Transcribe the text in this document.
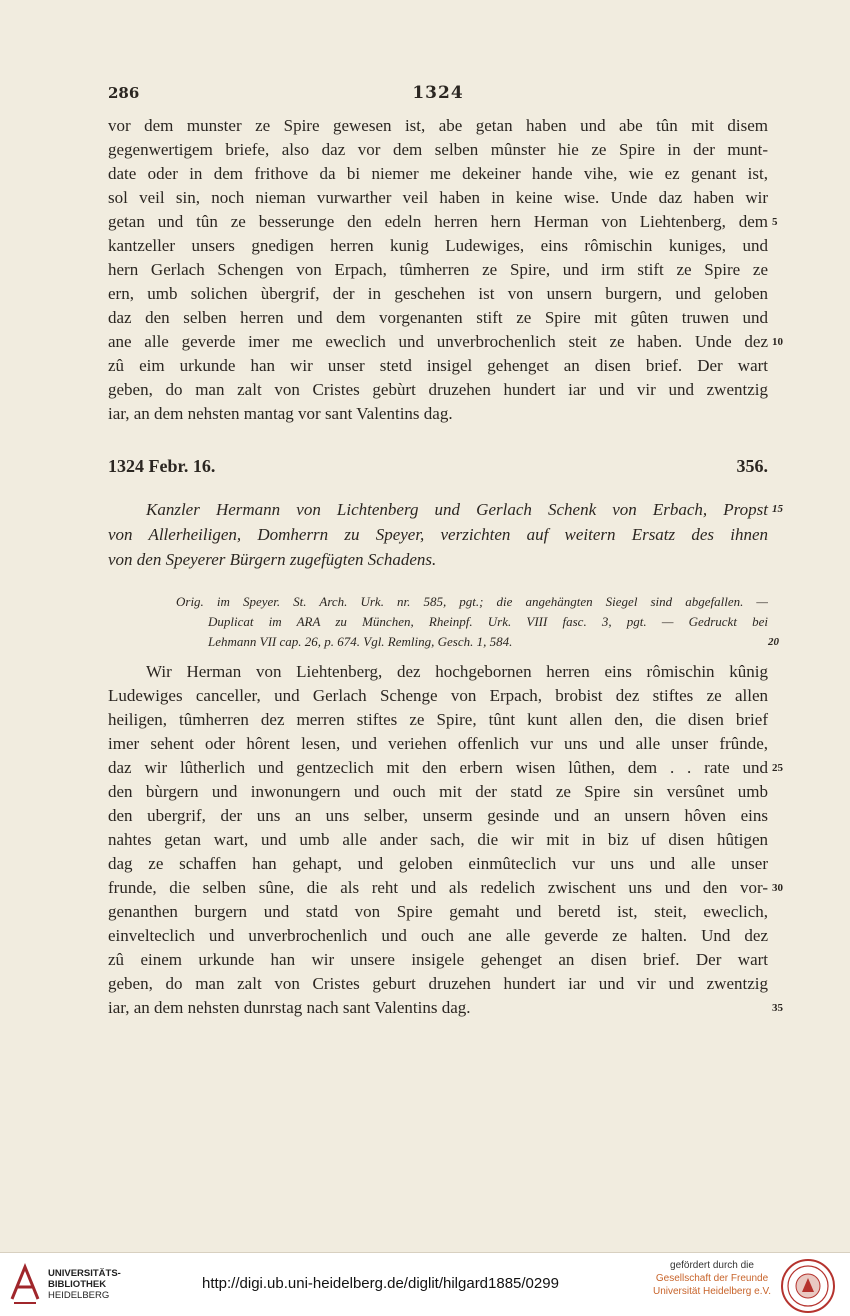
286	1324
vor dem munster ze Spire gewesen ist, abe getan haben und abe tûn mit disem
gegenwertigem briefe, also daz vor dem selben mûnster hie ze Spire in der munt-
date oder in dem frithove da bi niemer me dekeiner hande vihe, wie ez genant ist,
sol veil sin, noch nieman vurwarther veil haben in keine wise. Unde daz haben wir
getan und tûn ze besserunge den edeln herren hern Herman von Liehtenberg, dem 5
kantzeller unsers gnedigen herren kunig Ludewiges, eins rômischin kuniges, und
hern Gerlach Schengen von Erpach, tûmherren ze Spire, und irm stift ze Spire ze
ern, umb solichen ùbergrif, der in geschehen ist von unsern burgern, und geloben
daz den selben herren und dem vorgenanten stift ze Spire mit gûten truwen und
ane alle geverde imer me eweclich und unverbrochenlich steit ze haben. Unde dez 10
zû eim urkunde han wir unser stetd insigel gehenget an disen brief. Der wart
geben, do man zalt von Cristes gebùrt druzehen hundert iar und vir und zwentzig
iar, an dem nehsten mantag vor sant Valentins dag.
1324 Febr. 16.	356.
Kanzler Hermann von Lichtenberg und Gerlach Schenk von Erbach, Propst 15
von Allerheiligen, Domherrn zu Speyer, verzichten auf weitern Ersatz des ihnen
von den Speyerer Bürgern zugefügten Schadens.
Orig. im Speyer. St. Arch. Urk. nr. 585, pgt.; die angehängten Siegel sind abgefallen. —
Duplicat im ARA zu München, Rheinpf. Urk. VIII fasc. 3, pgt. — Gedruckt bei
Lehmann VII cap. 26, p. 674. Vgl. Remling, Gesch. 1, 584.	20
Wir Herman von Liehtenberg, dez hochgebornen herren eins rômischin kûnig
Ludewiges canceller, und Gerlach Schenge von Erpach, brobist dez stiftes ze allen
heiligen, tûmherren dez merren stiftes ze Spire, tûnt kunt allen den, die disen brief
imer sehent oder hôrent lesen, und veriehen offenlich vur uns und alle unser frûnde,
daz wir lûtherlich und gentzeclich mit den erbern wisen lûthen, dem . . rate und 25
den bùrgern und inwonungern und ouch mit der statd ze Spire sin versûnet umb
den ubergrif, der uns an uns selber, unserm gesinde und an unsern hôven eins
nahtes getan wart, und umb alle ander sach, die wir mit in biz uf disen hûtigen
dag ze schaffen han gehapt, und geloben einmûteclich vur uns und alle unser
frunde, die selben sûne, die als reht und als redelich zwischent uns und den vor- 30
genanthen burgern und statd von Spire gemaht und beretd ist, steit, eweclich,
einvelteclich und unverbrochenlich und ouch ane alle geverde ze halten. Und dez
zû einem urkunde han wir unsere insigele gehenget an disen brief. Der wart
geben, do man zalt von Cristes geburt druzehen hundert iar und vir und zwentzig
iar, an dem nehsten dunrstag nach sant Valentins dag.	35
UNIVERSITÄTS-
BIBLIOTHEK
HEIDELBERG
http://digi.ub.uni-heidelberg.de/diglit/hilgard1885/0299
gefördert durch die
Gesellschaft der Freunde
Universität Heidelberg e.V.
